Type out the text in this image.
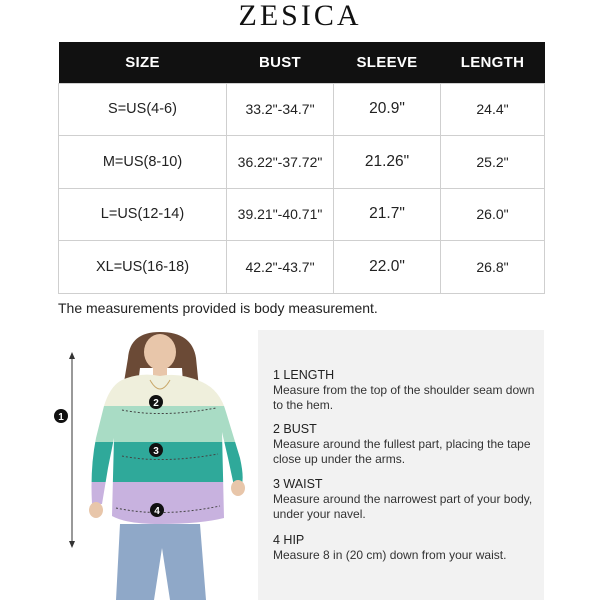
ZESICA
SIZE	BUST	SLEEVE	LENGTH
S=US(4-6)	33.2"-34.7"	20.9"	24.4"
M=US(8-10)	36.22"-37.72"	21.26"	25.2"
L=US(12-14)	39.21"-40.71"	21.7"	26.0"
XL=US(16-18)	42.2"-43.7"	22.0"	26.8"
The measurements provided is body measurement.
1
2
3
4
1 LENGTH
Measure from the top of the shoulder seam down to the hem.
2 BUST
Measure around the fullest part, placing the tape close up under the arms.
3 WAIST
Measure around the narrowest part of your body, under your navel.
4 HIP
Measure 8 in (20 cm) down from your waist.
